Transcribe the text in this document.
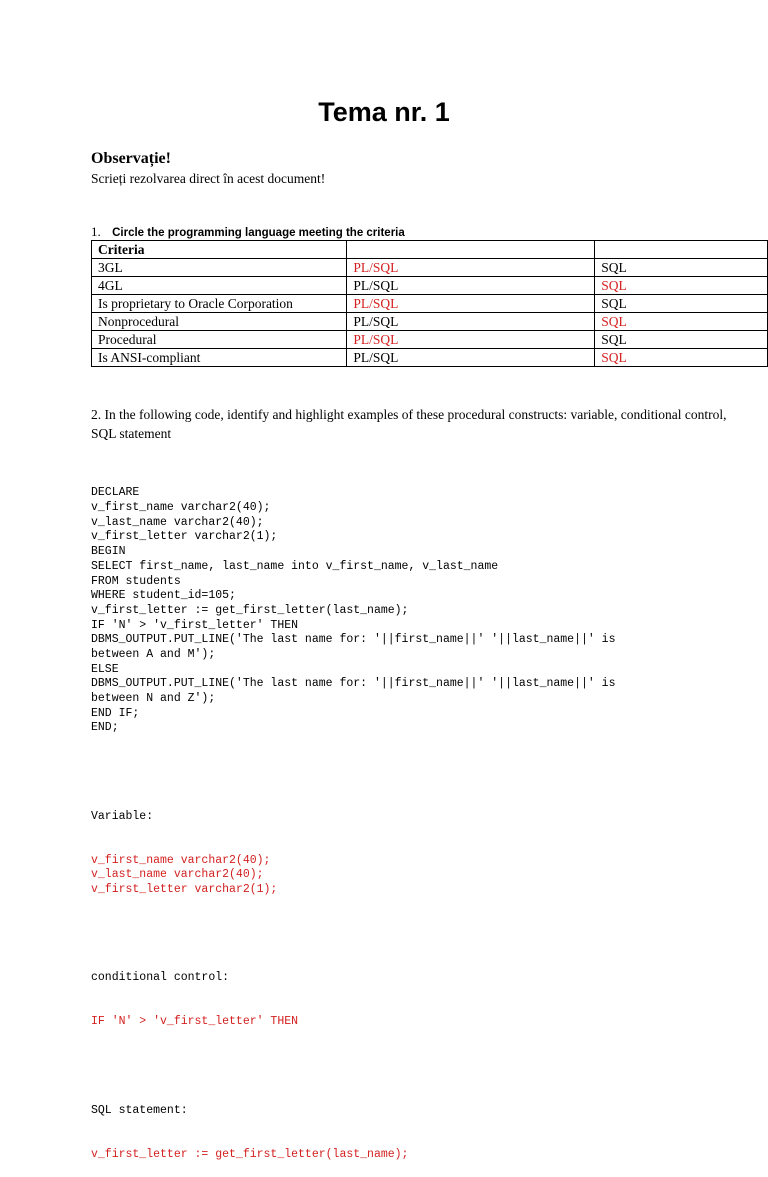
Tema nr. 1
Observație!
Scrieți rezolvarea direct în acest document!
1. Circle the programming language meeting the criteria
Criteria		
3GL	PL/SQL	SQL
4GL	PL/SQL	SQL
Is proprietary to Oracle Corporation	PL/SQL	SQL
Nonprocedural	PL/SQL	SQL
Procedural	PL/SQL	SQL
Is ANSI-compliant	PL/SQL	SQL

2. In the following code, identify and highlight examples of these procedural constructs: variable, conditional control, SQL statement

DECLARE
v_first_name varchar2(40);
v_last_name varchar2(40);
v_first_letter varchar2(1);
BEGIN
SELECT first_name, last_name into v_first_name, v_last_name
FROM students
WHERE student_id=105;
v_first_letter := get_first_letter(last_name);
IF 'N' > 'v_first_letter' THEN
DBMS_OUTPUT.PUT_LINE('The last name for: '||first_name||' '||last_name||' is
between A and M');
ELSE
DBMS_OUTPUT.PUT_LINE('The last name for: '||first_name||' '||last_name||' is
between N and Z');
END IF;
END;

Variable:

v_first_name varchar2(40);
v_last_name varchar2(40);
v_first_letter varchar2(1);

conditional control:

IF 'N' > 'v_first_letter' THEN

SQL statement:

v_first_letter := get_first_letter(last_name);
